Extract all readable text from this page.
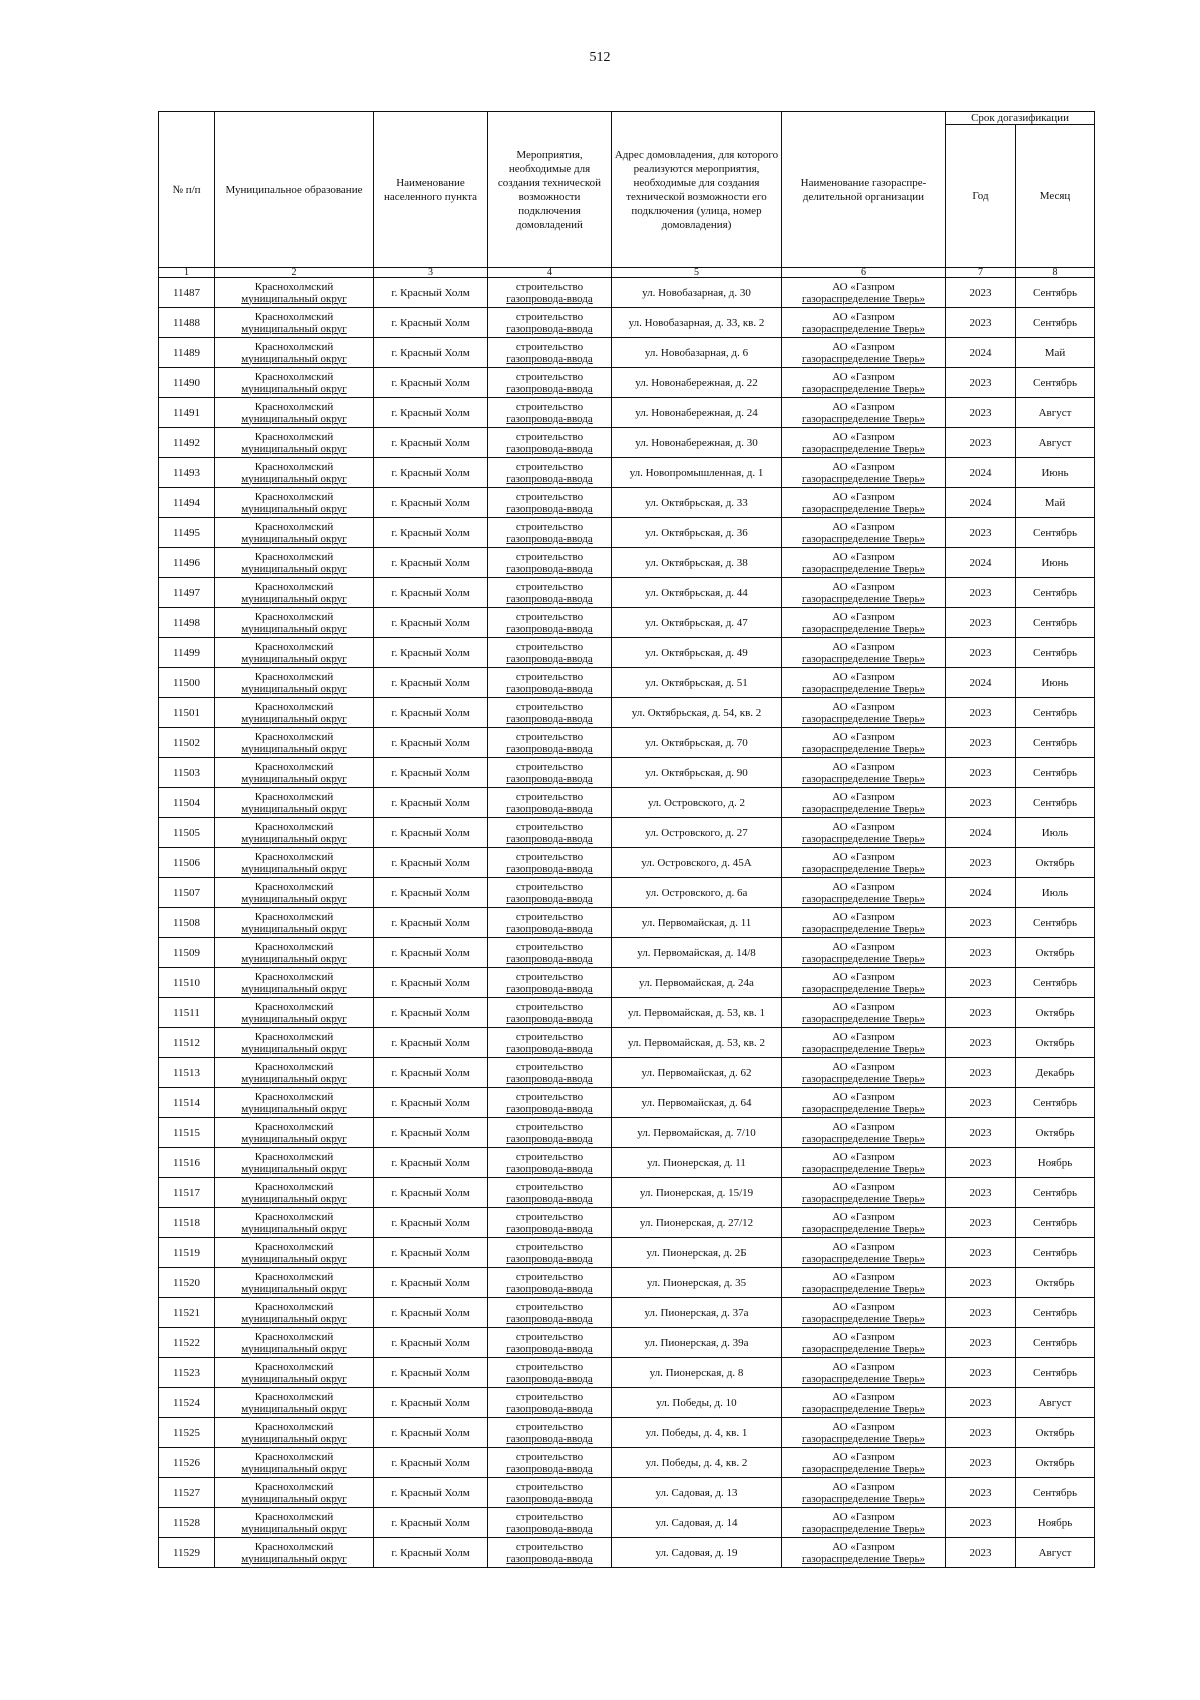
512
№ п/п	Муниципальное образование	Наименование населенного пункта	Мероприятия, необходимые для создания технической возможности подключения домовладений	Адрес домовладения, для которого реализуются мероприятия, необходимые для создания технической возможности его подключения (улица, номер домовладения)	Наименование газораспре-делительной организации	Срок догазификации	
						Год	Месяц
1	2	3	4	5	6	7	8
11487	Краснохолмский
муниципальный округ	г. Красный Холм	строительство
газопровода-ввода	ул. Новобазарная, д. 30	АО «Газпром
газораспределение Тверь»	2023	Сентябрь
11488	Краснохолмский
муниципальный округ	г. Красный Холм	строительство
газопровода-ввода	ул. Новобазарная, д. 33, кв. 2	АО «Газпром
газораспределение Тверь»	2023	Сентябрь
11489	Краснохолмский
муниципальный округ	г. Красный Холм	строительство
газопровода-ввода	ул. Новобазарная, д. 6	АО «Газпром
газораспределение Тверь»	2024	Май
11490	Краснохолмский
муниципальный округ	г. Красный Холм	строительство
газопровода-ввода	ул. Новонабережная, д. 22	АО «Газпром
газораспределение Тверь»	2023	Сентябрь
11491	Краснохолмский
муниципальный округ	г. Красный Холм	строительство
газопровода-ввода	ул. Новонабережная, д. 24	АО «Газпром
газораспределение Тверь»	2023	Август
11492	Краснохолмский
муниципальный округ	г. Красный Холм	строительство
газопровода-ввода	ул. Новонабережная, д. 30	АО «Газпром
газораспределение Тверь»	2023	Август
11493	Краснохолмский
муниципальный округ	г. Красный Холм	строительство
газопровода-ввода	ул. Новопромышленная, д. 1	АО «Газпром
газораспределение Тверь»	2024	Июнь
11494	Краснохолмский
муниципальный округ	г. Красный Холм	строительство
газопровода-ввода	ул. Октябрьская, д. 33	АО «Газпром
газораспределение Тверь»	2024	Май
11495	Краснохолмский
муниципальный округ	г. Красный Холм	строительство
газопровода-ввода	ул. Октябрьская, д. 36	АО «Газпром
газораспределение Тверь»	2023	Сентябрь
11496	Краснохолмский
муниципальный округ	г. Красный Холм	строительство
газопровода-ввода	ул. Октябрьская, д. 38	АО «Газпром
газораспределение Тверь»	2024	Июнь
11497	Краснохолмский
муниципальный округ	г. Красный Холм	строительство
газопровода-ввода	ул. Октябрьская, д. 44	АО «Газпром
газораспределение Тверь»	2023	Сентябрь
11498	Краснохолмский
муниципальный округ	г. Красный Холм	строительство
газопровода-ввода	ул. Октябрьская, д. 47	АО «Газпром
газораспределение Тверь»	2023	Сентябрь
11499	Краснохолмский
муниципальный округ	г. Красный Холм	строительство
газопровода-ввода	ул. Октябрьская, д. 49	АО «Газпром
газораспределение Тверь»	2023	Сентябрь
11500	Краснохолмский
муниципальный округ	г. Красный Холм	строительство
газопровода-ввода	ул. Октябрьская, д. 51	АО «Газпром
газораспределение Тверь»	2024	Июнь
11501	Краснохолмский
муниципальный округ	г. Красный Холм	строительство
газопровода-ввода	ул. Октябрьская, д. 54, кв. 2	АО «Газпром
газораспределение Тверь»	2023	Сентябрь
11502	Краснохолмский
муниципальный округ	г. Красный Холм	строительство
газопровода-ввода	ул. Октябрьская, д. 70	АО «Газпром
газораспределение Тверь»	2023	Сентябрь
11503	Краснохолмский
муниципальный округ	г. Красный Холм	строительство
газопровода-ввода	ул. Октябрьская, д. 90	АО «Газпром
газораспределение Тверь»	2023	Сентябрь
11504	Краснохолмский
муниципальный округ	г. Красный Холм	строительство
газопровода-ввода	ул. Островского, д. 2	АО «Газпром
газораспределение Тверь»	2023	Сентябрь
11505	Краснохолмский
муниципальный округ	г. Красный Холм	строительство
газопровода-ввода	ул. Островского, д. 27	АО «Газпром
газораспределение Тверь»	2024	Июль
11506	Краснохолмский
муниципальный округ	г. Красный Холм	строительство
газопровода-ввода	ул. Островского, д. 45А	АО «Газпром
газораспределение Тверь»	2023	Октябрь
11507	Краснохолмский
муниципальный округ	г. Красный Холм	строительство
газопровода-ввода	ул. Островского, д. 6а	АО «Газпром
газораспределение Тверь»	2024	Июль
11508	Краснохолмский
муниципальный округ	г. Красный Холм	строительство
газопровода-ввода	ул. Первомайская, д. 11	АО «Газпром
газораспределение Тверь»	2023	Сентябрь
11509	Краснохолмский
муниципальный округ	г. Красный Холм	строительство
газопровода-ввода	ул. Первомайская, д. 14/8	АО «Газпром
газораспределение Тверь»	2023	Октябрь
11510	Краснохолмский
муниципальный округ	г. Красный Холм	строительство
газопровода-ввода	ул. Первомайская, д. 24а	АО «Газпром
газораспределение Тверь»	2023	Сентябрь
11511	Краснохолмский
муниципальный округ	г. Красный Холм	строительство
газопровода-ввода	ул. Первомайская, д. 53, кв. 1	АО «Газпром
газораспределение Тверь»	2023	Октябрь
11512	Краснохолмский
муниципальный округ	г. Красный Холм	строительство
газопровода-ввода	ул. Первомайская, д. 53, кв. 2	АО «Газпром
газораспределение Тверь»	2023	Октябрь
11513	Краснохолмский
муниципальный округ	г. Красный Холм	строительство
газопровода-ввода	ул. Первомайская, д. 62	АО «Газпром
газораспределение Тверь»	2023	Декабрь
11514	Краснохолмский
муниципальный округ	г. Красный Холм	строительство
газопровода-ввода	ул. Первомайская, д. 64	АО «Газпром
газораспределение Тверь»	2023	Сентябрь
11515	Краснохолмский
муниципальный округ	г. Красный Холм	строительство
газопровода-ввода	ул. Первомайская, д. 7/10	АО «Газпром
газораспределение Тверь»	2023	Октябрь
11516	Краснохолмский
муниципальный округ	г. Красный Холм	строительство
газопровода-ввода	ул. Пионерская, д. 11	АО «Газпром
газораспределение Тверь»	2023	Ноябрь
11517	Краснохолмский
муниципальный округ	г. Красный Холм	строительство
газопровода-ввода	ул. Пионерская, д. 15/19	АО «Газпром
газораспределение Тверь»	2023	Сентябрь
11518	Краснохолмский
муниципальный округ	г. Красный Холм	строительство
газопровода-ввода	ул. Пионерская, д. 27/12	АО «Газпром
газораспределение Тверь»	2023	Сентябрь
11519	Краснохолмский
муниципальный округ	г. Красный Холм	строительство
газопровода-ввода	ул. Пионерская, д. 2Б	АО «Газпром
газораспределение Тверь»	2023	Сентябрь
11520	Краснохолмский
муниципальный округ	г. Красный Холм	строительство
газопровода-ввода	ул. Пионерская, д. 35	АО «Газпром
газораспределение Тверь»	2023	Октябрь
11521	Краснохолмский
муниципальный округ	г. Красный Холм	строительство
газопровода-ввода	ул. Пионерская, д. 37а	АО «Газпром
газораспределение Тверь»	2023	Сентябрь
11522	Краснохолмский
муниципальный округ	г. Красный Холм	строительство
газопровода-ввода	ул. Пионерская, д. 39а	АО «Газпром
газораспределение Тверь»	2023	Сентябрь
11523	Краснохолмский
муниципальный округ	г. Красный Холм	строительство
газопровода-ввода	ул. Пионерская, д. 8	АО «Газпром
газораспределение Тверь»	2023	Сентябрь
11524	Краснохолмский
муниципальный округ	г. Красный Холм	строительство
газопровода-ввода	ул. Победы, д. 10	АО «Газпром
газораспределение Тверь»	2023	Август
11525	Краснохолмский
муниципальный округ	г. Красный Холм	строительство
газопровода-ввода	ул. Победы, д. 4, кв. 1	АО «Газпром
газораспределение Тверь»	2023	Октябрь
11526	Краснохолмский
муниципальный округ	г. Красный Холм	строительство
газопровода-ввода	ул. Победы, д. 4, кв. 2	АО «Газпром
газораспределение Тверь»	2023	Октябрь
11527	Краснохолмский
муниципальный округ	г. Красный Холм	строительство
газопровода-ввода	ул. Садовая, д. 13	АО «Газпром
газораспределение Тверь»	2023	Сентябрь
11528	Краснохолмский
муниципальный округ	г. Красный Холм	строительство
газопровода-ввода	ул. Садовая, д. 14	АО «Газпром
газораспределение Тверь»	2023	Ноябрь
11529	Краснохолмский
муниципальный округ	г. Красный Холм	строительство
газопровода-ввода	ул. Садовая, д. 19	АО «Газпром
газораспределение Тверь»	2023	Август
